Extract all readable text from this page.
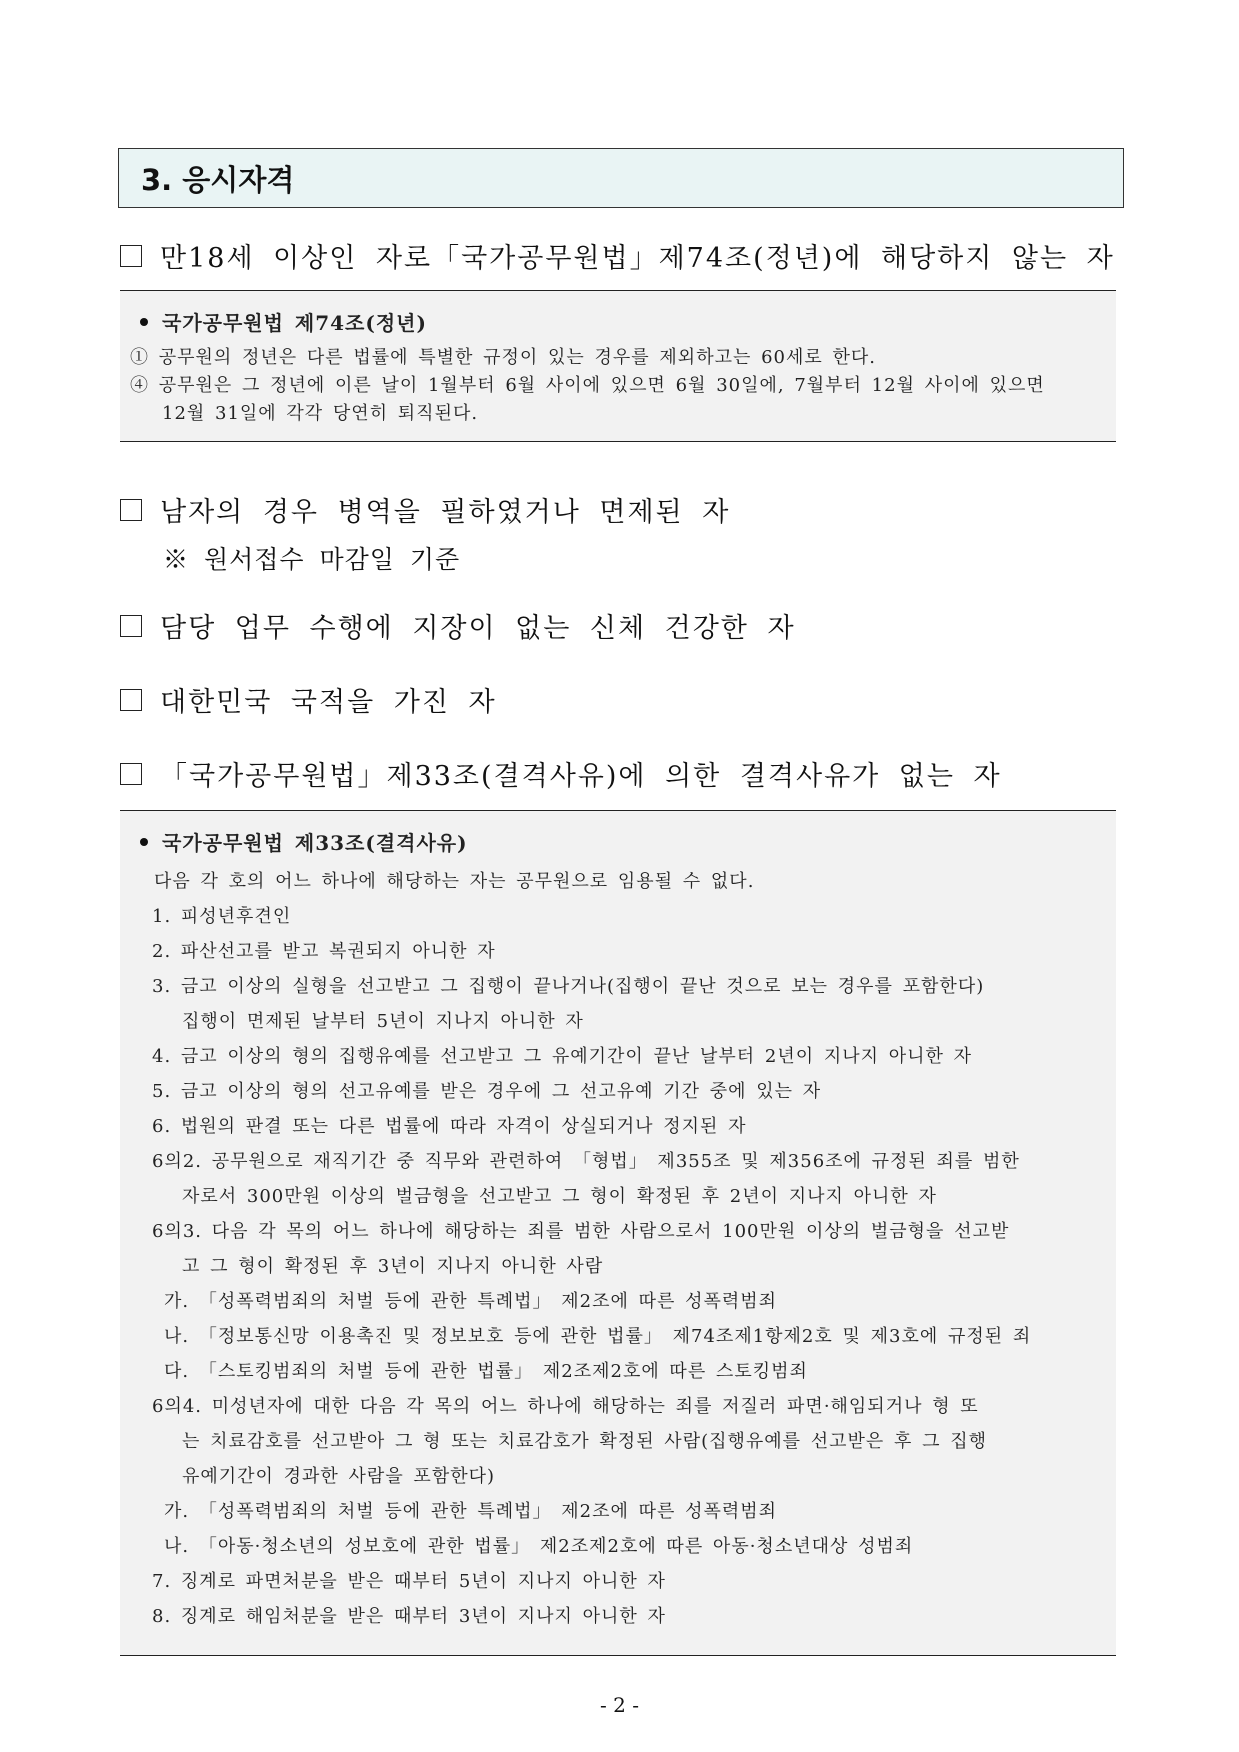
3. 응시자격
만18세 이상인 자로「국가공무원법」제74조(정년)에 해당하지 않는 자
국가공무원법 제74조(정년)
① 공무원의 정년은 다른 법률에 특별한 규정이 있는 경우를 제외하고는 60세로 한다.
④ 공무원은 그 정년에 이른 날이 1월부터 6월 사이에 있으면 6월 30일에, 7월부터 12월 사이에 있으면
12월 31일에 각각 당연히 퇴직된다.
남자의 경우 병역을 필하였거나 면제된 자
※ 원서접수 마감일 기준
담당 업무 수행에 지장이 없는 신체 건강한 자
대한민국 국적을 가진 자
「국가공무원법」제33조(결격사유)에 의한 결격사유가 없는 자
국가공무원법 제33조(결격사유)
다음 각 호의 어느 하나에 해당하는 자는 공무원으로 임용될 수 없다.
1. 피성년후견인
2. 파산선고를 받고 복권되지 아니한 자
3. 금고 이상의 실형을 선고받고 그 집행이 끝나거나(집행이 끝난 것으로 보는 경우를 포함한다)
집행이 면제된 날부터 5년이 지나지 아니한 자
4. 금고 이상의 형의 집행유예를 선고받고 그 유예기간이 끝난 날부터 2년이 지나지 아니한 자
5. 금고 이상의 형의 선고유예를 받은 경우에 그 선고유예 기간 중에 있는 자
6. 법원의 판결 또는 다른 법률에 따라 자격이 상실되거나 정지된 자
6의2. 공무원으로 재직기간 중 직무와 관련하여 「형법」 제355조 및 제356조에 규정된 죄를 범한
자로서 300만원 이상의 벌금형을 선고받고 그 형이 확정된 후 2년이 지나지 아니한 자
6의3. 다음 각 목의 어느 하나에 해당하는 죄를 범한 사람으로서 100만원 이상의 벌금형을 선고받
고 그 형이 확정된 후 3년이 지나지 아니한 사람
가. 「성폭력범죄의 처벌 등에 관한 특례법」 제2조에 따른 성폭력범죄
나. 「정보통신망 이용촉진 및 정보보호 등에 관한 법률」 제74조제1항제2호 및 제3호에 규정된 죄
다. 「스토킹범죄의 처벌 등에 관한 법률」 제2조제2호에 따른 스토킹범죄
6의4. 미성년자에 대한 다음 각 목의 어느 하나에 해당하는 죄를 저질러 파면·해임되거나 형 또
는 치료감호를 선고받아 그 형 또는 치료감호가 확정된 사람(집행유예를 선고받은 후 그 집행
유예기간이 경과한 사람을 포함한다)
가. 「성폭력범죄의 처벌 등에 관한 특례법」 제2조에 따른 성폭력범죄
나. 「아동·청소년의 성보호에 관한 법률」 제2조제2호에 따른 아동·청소년대상 성범죄
7. 징계로 파면처분을 받은 때부터 5년이 지나지 아니한 자
8. 징계로 해임처분을 받은 때부터 3년이 지나지 아니한 자
- 2 -
